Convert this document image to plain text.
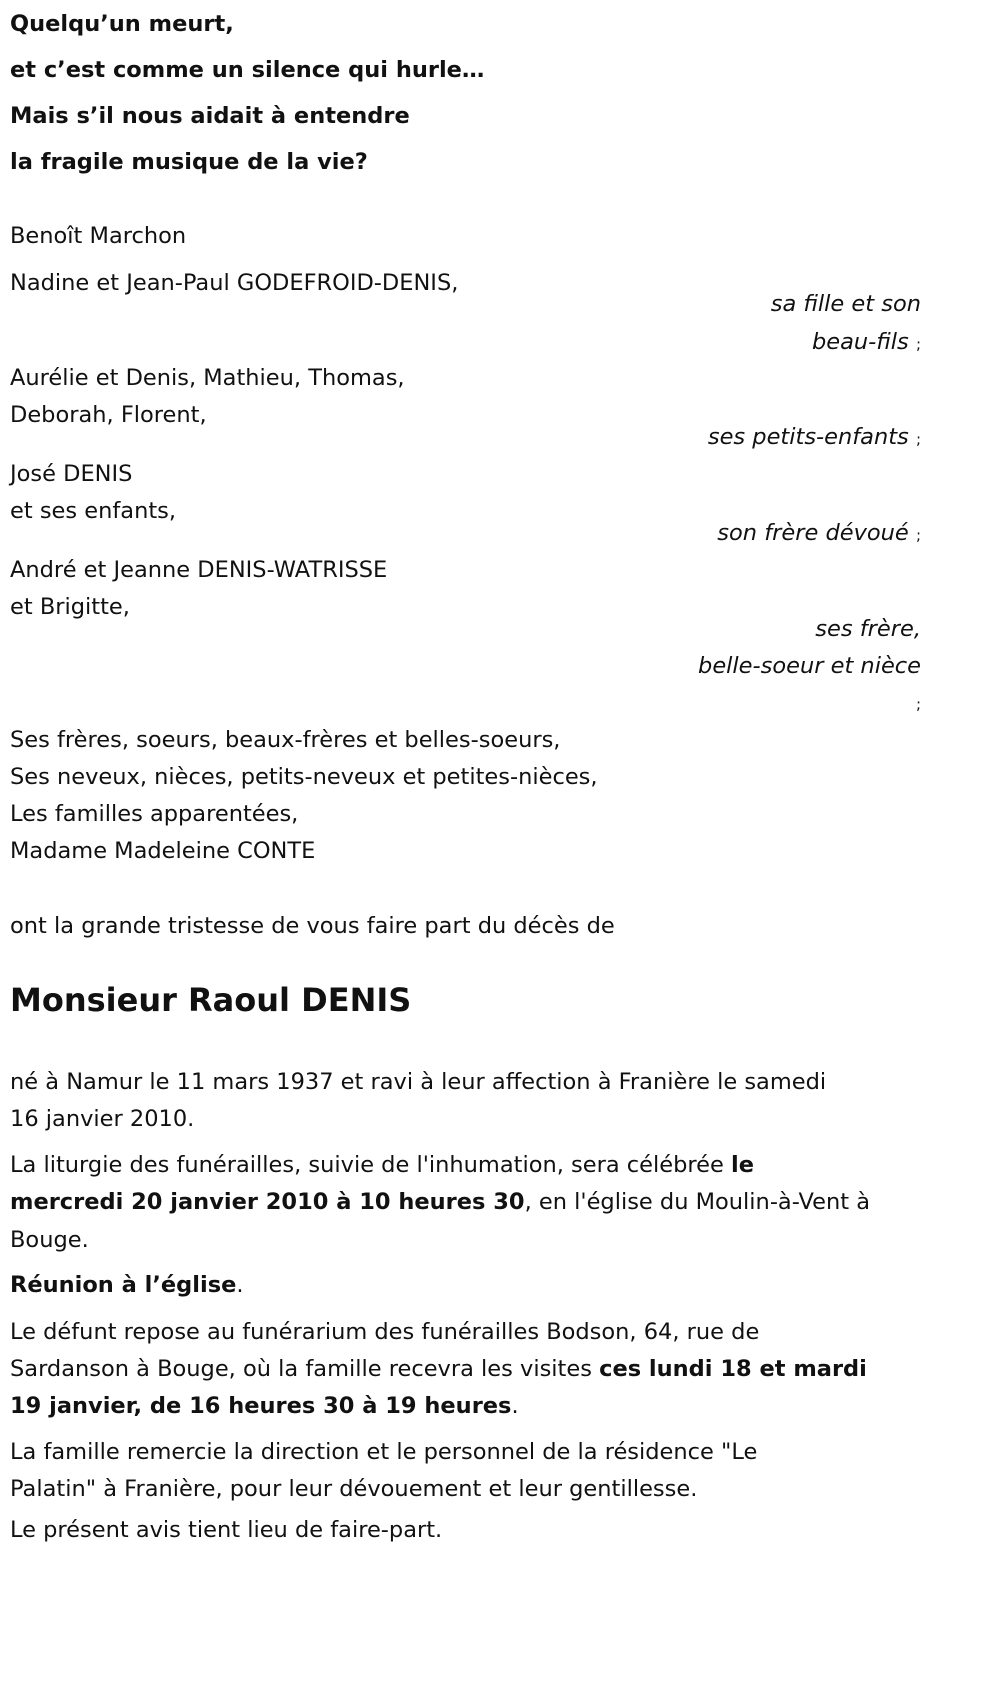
Quelqu’un meurt,
et c’est comme un silence qui hurle…
Mais s’il nous aidait à entendre
la fragile musique de la vie?
Benoît Marchon
Nadine et Jean-Paul GODEFROID-DENIS,
sa fille et son
beau-fils ;
Aurélie et Denis, Mathieu, Thomas,
Deborah, Florent,
ses petits-enfants ;
José DENIS
et ses enfants,
son frère dévoué ;
André et Jeanne DENIS-WATRISSE
et Brigitte,
ses frère,
belle-soeur et nièce
;
Ses frères, soeurs, beaux-frères et belles-soeurs,
Ses neveux, nièces, petits-neveux et petites-nièces,
Les familles apparentées,
Madame Madeleine CONTE
ont la grande tristesse de vous faire part du décès de
Monsieur Raoul DENIS
né à Namur le 11 mars 1937 et ravi à leur affection à Franière le samedi
16 janvier 2010.
La liturgie des funérailles, suivie de l'inhumation, sera célébrée le
mercredi 20 janvier 2010 à 10 heures 30, en l'église du Moulin-à-Vent à
Bouge.
Réunion à l’église.
Le défunt repose au funérarium des funérailles Bodson, 64, rue de
Sardanson à Bouge, où la famille recevra les visites ces lundi 18 et mardi
19 janvier, de 16 heures 30 à 19 heures.
La famille remercie la direction et le personnel de la résidence "Le
Palatin" à Franière, pour leur dévouement et leur gentillesse.
Le présent avis tient lieu de faire-part.
